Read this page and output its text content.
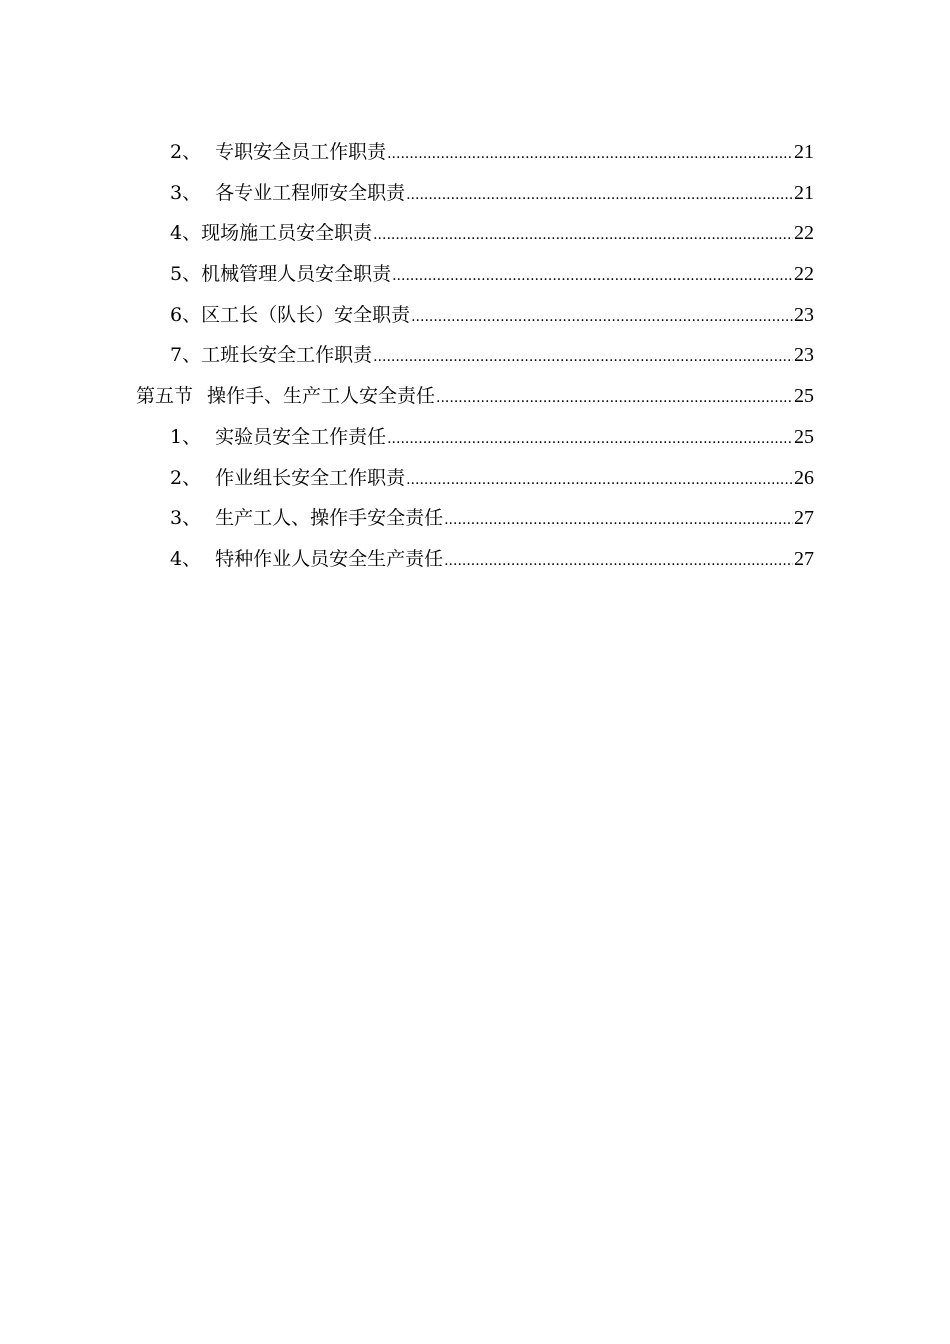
2、 专职安全员工作职责 .....	21
3、 各专业工程师安全职责 .....	21
4、 现场施工员安全职责 .....	22
5、 机械管理人员安全职责 .....	22
6、 区工长（队长）安全职责 .....	23
7、 工班长安全工作职责 .....	23
第五节 操作手、生产工人安全责任 .....	25
1、 实验员安全工作责任 .....	25
2、 作业组长安全工作职责 .....	26
3、 生产工人、操作手安全责任 .....	27
4、 特种作业人员安全生产责任 .....	27
